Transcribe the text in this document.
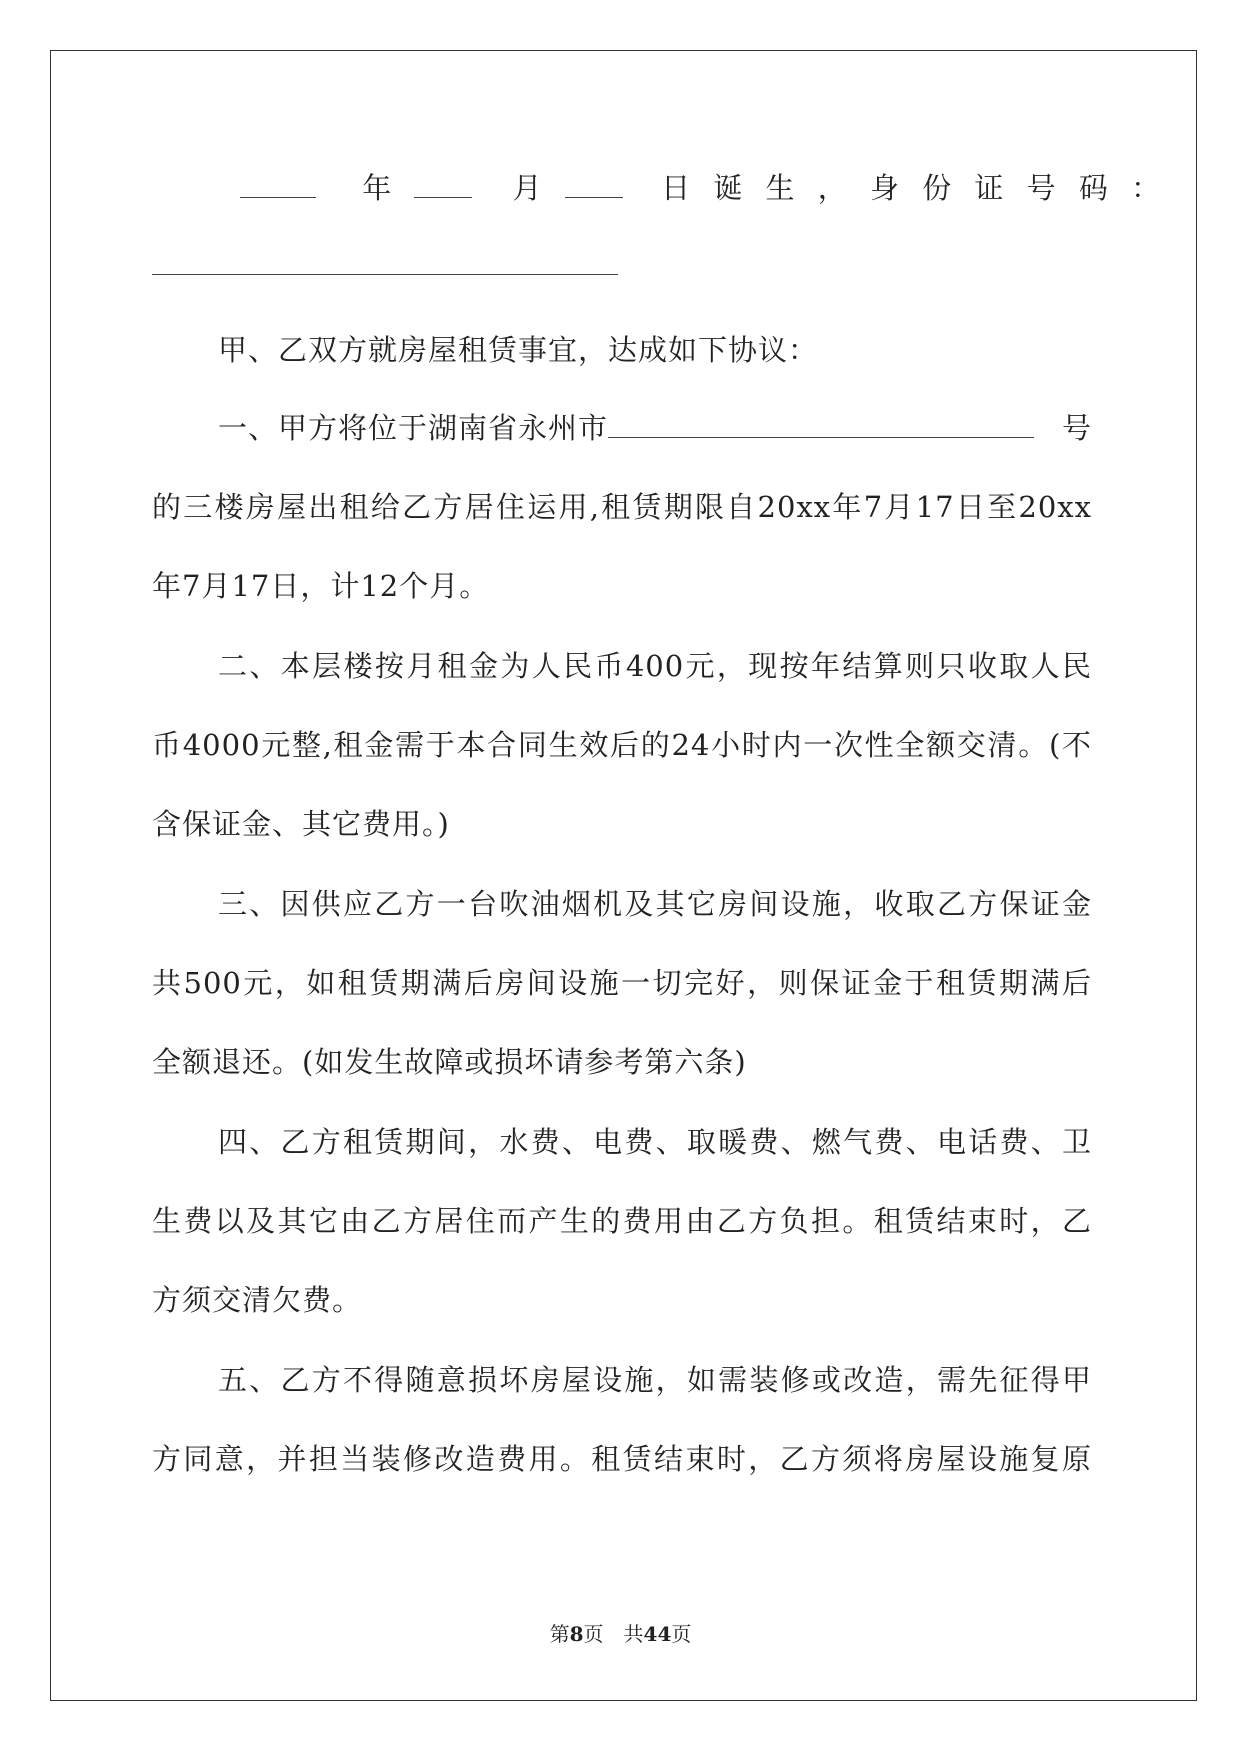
年	月	日 诞 生 ， 身 份 证 号 码 ：
甲、乙双方就房屋租赁事宜，达成如下协议：
一、甲方将位于湖南省永州市	号
的三楼房屋出租给乙方居住运用,租赁期限自20xx年7月17日至20xx
年7月17日，计12个月。
二、本层楼按月租金为人民币400元，现按年结算则只收取人民
币4000元整,租金需于本合同生效后的24小时内一次性全额交清。(不
含保证金、其它费用。)
三、因供应乙方一台吹油烟机及其它房间设施，收取乙方保证金
共500元，如租赁期满后房间设施一切完好，则保证金于租赁期满后
全额退还。(如发生故障或损坏请参考第六条)
四、乙方租赁期间，水费、电费、取暖费、燃气费、电话费、卫
生费以及其它由乙方居住而产生的费用由乙方负担。租赁结束时，乙
方须交清欠费。
五、乙方不得随意损坏房屋设施，如需装修或改造，需先征得甲
方同意，并担当装修改造费用。租赁结束时，乙方须将房屋设施复原
第8页　共44页
